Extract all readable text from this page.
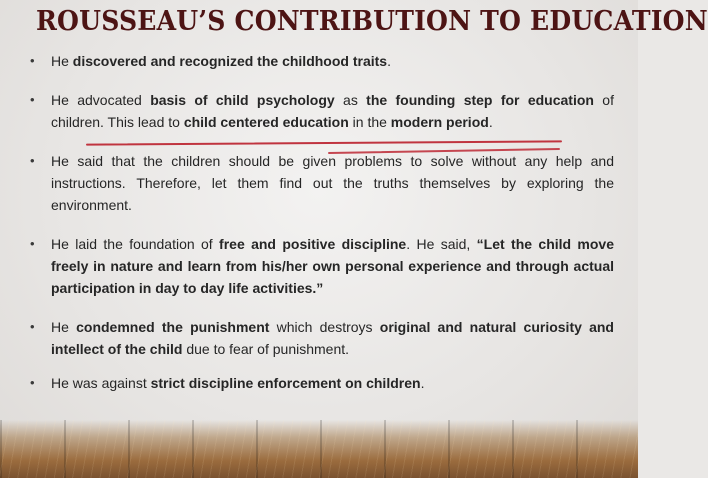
ROUSSEAU’S CONTRIBUTION TO EDUCATION
• He discovered and recognized the childhood traits.
• He advocated basis of child psychology as the founding step for education of children. This lead to child centered education in the modern period.
• He said that the children should be given problems to solve without any help and instructions. Therefore, let them find out the truths themselves by exploring the environment.
• He laid the foundation of free and positive discipline. He said, “Let the child move freely in nature and learn from his/her own personal experience and through actual participation in day to day life activities.”
• He condemned the punishment which destroys original and natural curiosity and intellect of the child due to fear of punishment.
• He was against strict discipline enforcement on children.
